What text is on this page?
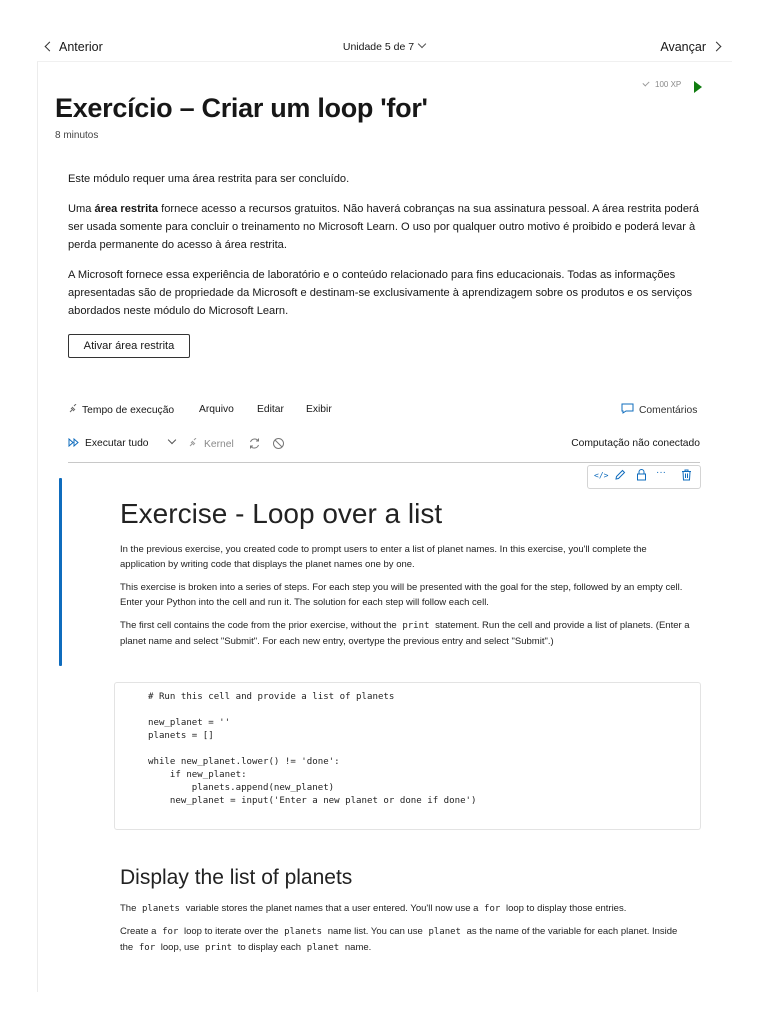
Anterior	Unidade 5 de 7	Avançar
100 XP
Exercício – Criar um loop 'for'
8 minutos

Este módulo requer uma área restrita para ser concluído.

Uma área restrita fornece acesso a recursos gratuitos. Não haverá cobranças na sua assinatura pessoal. A área restrita poderá ser usada somente para concluir o treinamento no Microsoft Learn. O uso por qualquer outro motivo é proibido e poderá levar à perda permanente do acesso à área restrita.

A Microsoft fornece essa experiência de laboratório e o conteúdo relacionado para fins educacionais. Todas as informações apresentadas são de propriedade da Microsoft e destinam-se exclusivamente à aprendizagem sobre os produtos e os serviços abordados neste módulo do Microsoft Learn.

Ativar área restrita
Tempo de execução Arquivo Editar Exibir	Comentários
Executar tudo	Kernel	Computação não conectado
</>	···
Exercise - Loop over a list

In the previous exercise, you created code to prompt users to enter a list of planet names. In this exercise, you'll complete the application by writing code that displays the planet names one by one.

This exercise is broken into a series of steps. For each step you will be presented with the goal for the step, followed by an empty cell. Enter your Python into the cell and run it. The solution for each step will follow each cell.

The first cell contains the code from the prior exercise, without the print statement. Run the cell and provide a list of planets. (Enter a planet name and select "Submit". For each new entry, overtype the previous entry and select "Submit".)

# Run this cell and provide a list of planets

new_planet = ''
planets = []

while new_planet.lower() != 'done':
if new_planet:
planets.append(new_planet)
new_planet = input('Enter a new planet or done if done')
Display the list of planets

The planets variable stores the planet names that a user entered. You'll now use a for loop to display those entries.

Create a for loop to iterate over the planets name list. You can use planet as the name of the variable for each planet. Inside the for loop, use print to display each planet name.
